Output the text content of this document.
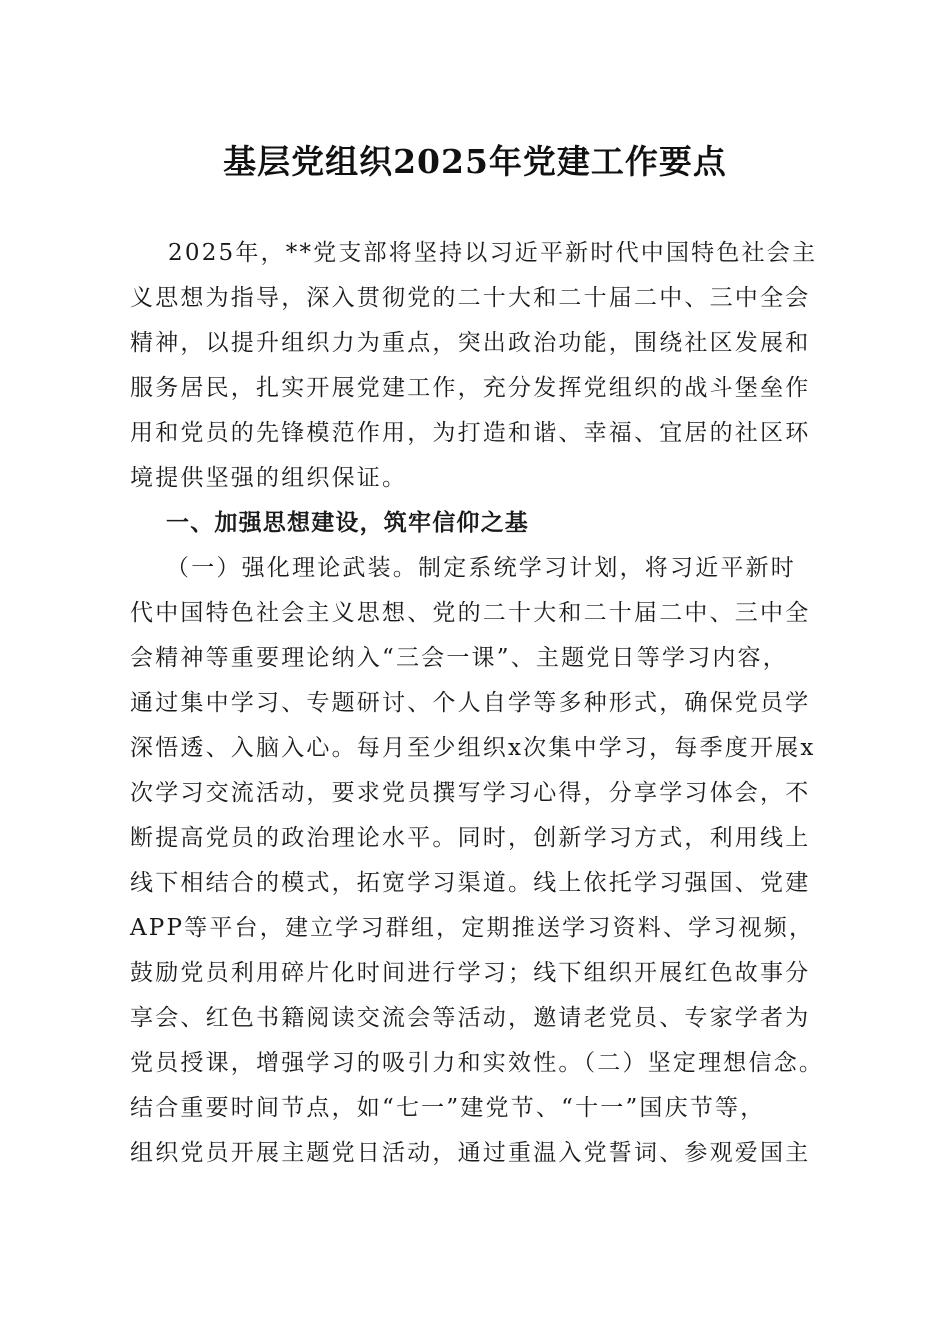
基层党组织2025年党建工作要点

2025年，**党支部将坚持以习近平新时代中国特色社会主

义思想为指导，深入贯彻党的二十大和二十届二中、三中全会

精神，以提升组织力为重点，突出政治功能，围绕社区发展和

服务居民，扎实开展党建工作，充分发挥党组织的战斗堡垒作

用和党员的先锋模范作用，为打造和谐、幸福、宜居的社区环

境提供坚强的组织保证。

一、加强思想建设，筑牢信仰之基

（一）强化理论武装。制定系统学习计划，将习近平新时

代中国特色社会主义思想、党的二十大和二十届二中、三中全

会精神等重要理论纳入“三会一课”、主题党日等学习内容，

通过集中学习、专题研讨、个人自学等多种形式，确保党员学

深悟透、入脑入心。每月至少组织x次集中学习，每季度开展x

次学习交流活动，要求党员撰写学习心得，分享学习体会，不

断提高党员的政治理论水平。同时，创新学习方式，利用线上

线下相结合的模式，拓宽学习渠道。线上依托学习强国、党建

APP等平台，建立学习群组，定期推送学习资料、学习视频，

鼓励党员利用碎片化时间进行学习；线下组织开展红色故事分

享会、红色书籍阅读交流会等活动，邀请老党员、专家学者为

党员授课，增强学习的吸引力和实效性。（二）坚定理想信念。

结合重要时间节点，如“七一”建党节、“十一”国庆节等，

组织党员开展主题党日活动，通过重温入党誓词、参观爱国主
